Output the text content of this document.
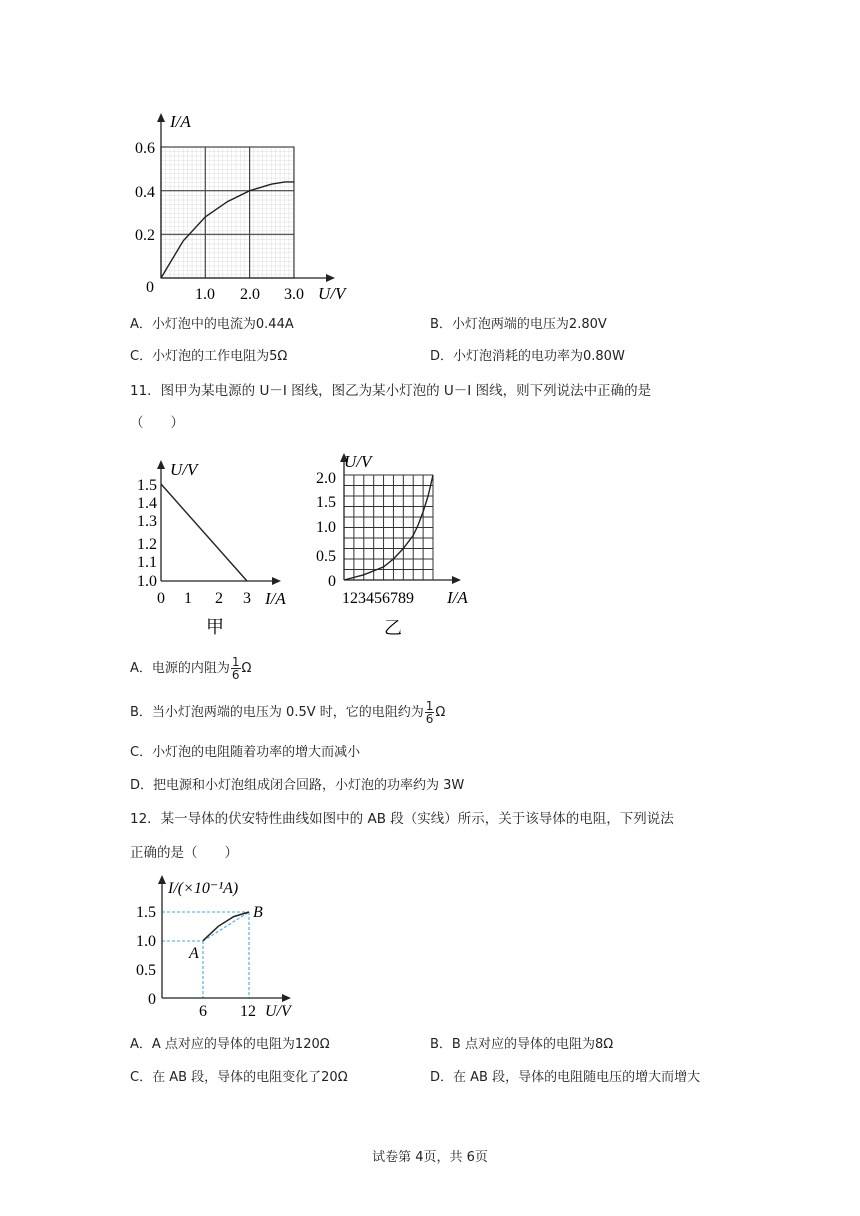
I/A
U/V
0.6
0.4
0.2
0	1.0 2.0 3.0
A．小灯泡中的电流为0.44A	B．小灯泡两端的电压为2.80V
C．小灯泡的工作电阻为5Ω	D．小灯泡消耗的电功率为0.80W
11．图甲为某电源的 U－I 图线，图乙为某小灯泡的 U－I 图线，则下列说法中正确的是
（　　）
U/V
I/A
1.5
1.4
1.3
1.2
1.1
1.0
0 1 2 3
甲
U/V
I/A
2.0
1.5
1.0
0.5
0
123456789
乙
A．电源的内阻为 $\frac{1}{6}$ Ω
B．当小灯泡两端的电压为 0.5V 时，它的电阻约为 $\frac{1}{6}$ Ω
C．小灯泡的电阻随着功率的增大而减小
D．把电源和小灯泡组成闭合回路，小灯泡的功率约为 3W
12．某一导体的伏安特性曲线如图中的 AB 段（实线）所示，关于该导体的电阻，下列说法
正确的是（　　）
I/(×10⁻¹A)
U/V
1.5
1.0
0.5
0
6 12
A
B
A．A 点对应的导体的电阻为120Ω	B．B 点对应的导体的电阻为8Ω
C．在 AB 段，导体的电阻变化了20Ω	D．在 AB 段，导体的电阻随电压的增大而增大
试卷第 4页，共 6页
